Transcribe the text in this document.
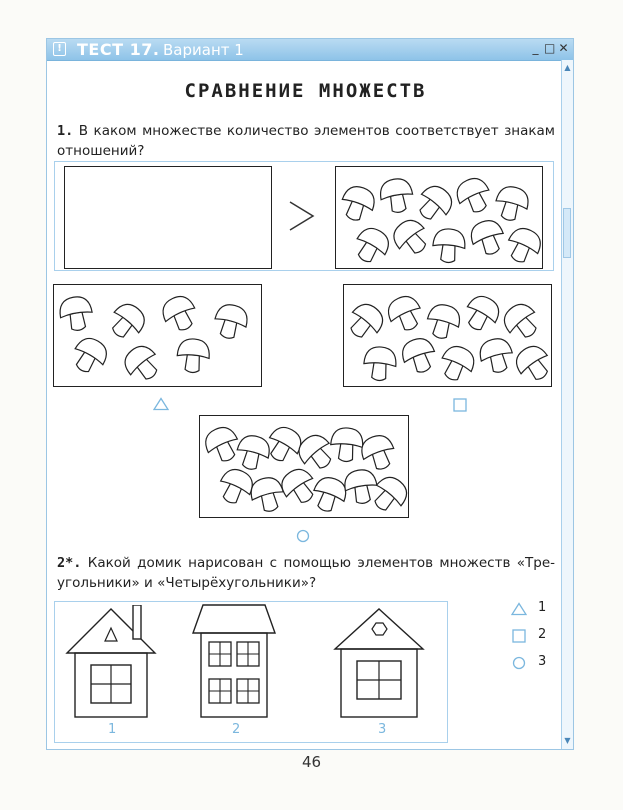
! ТЕСТ 17. Вариант 1	_ □ ✕
▲
▼
СРАВНЕНИЕ МНОЖЕСТВ
1. В каком множестве количество элементов соответствует знакам отношений?
2*. Какой домик нарисован с помощью элементов множеств «Треугольники» и «Четырёхугольники»?
1	2	3
1
2
3
46
